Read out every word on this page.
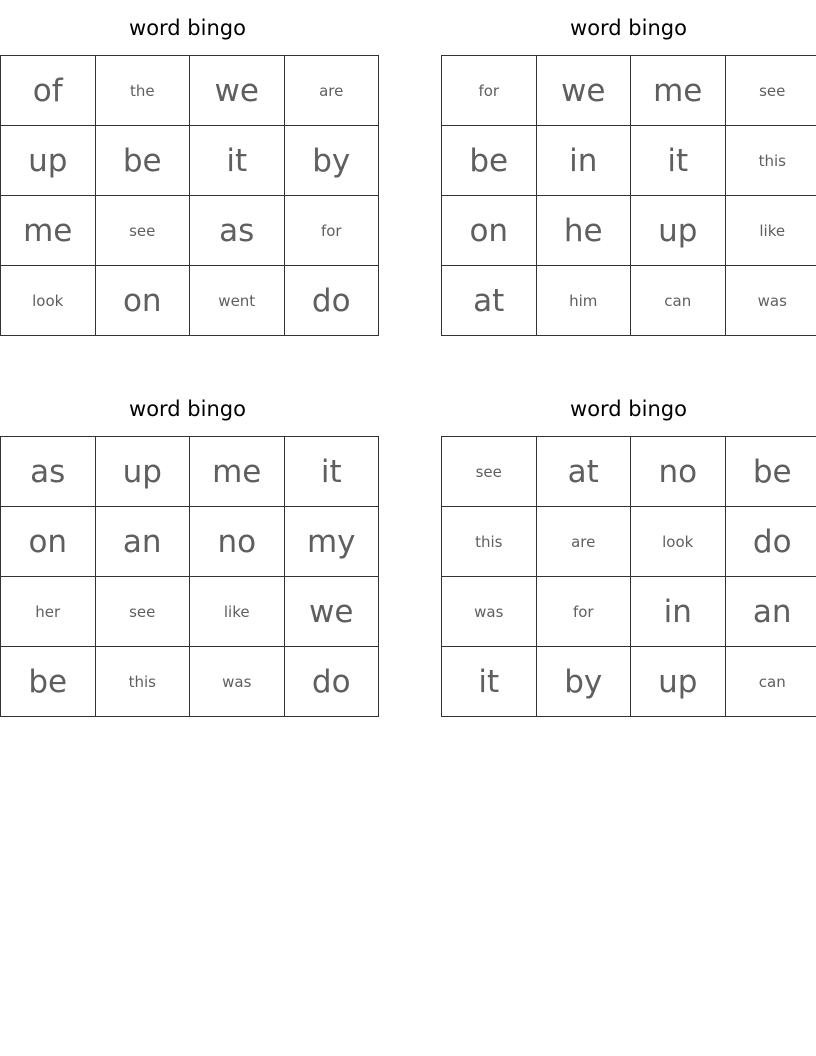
word bingo
of	the	we	are
up	be	it	by
me	see	as	for
look	on	went	do
word bingo
for	we	me	see
be	in	it	this
on	he	up	like
at	him	can	was
word bingo
as	up	me	it
on	an	no	my
her	see	like	we
be	this	was	do
word bingo
see	at	no	be
this	are	look	do
was	for	in	an
it	by	up	can
